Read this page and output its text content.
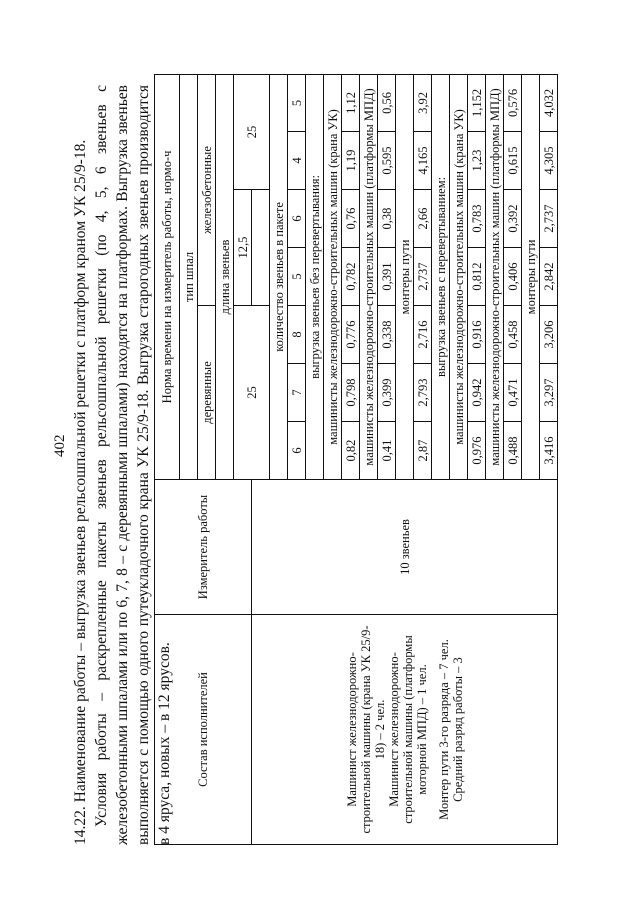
402 14.22. Наименование работы – выгрузка звеньев рельсошпальной решетки с платформ краном УК 25/9-18. Условия работы – раскрепленные пакеты звеньев рельсошпальной решетки (по 4, 5, 6 звеньев с железобетонными шпалами или по 6, 7, 8 – с деревянными шпалами) находятся на платформах. Выгрузка звеньев выполняется с помощью одного путеукладочного крана УК 25/9-18. Выгрузка старогодных звеньев производится в 4 яруса, новых – в 12 ярусов. Состав исполнителей	Измеритель работы	Норма времени на измеритель работы, нормо-ч						
		тип шпал						
		деревянные			железобетонные			
		длина звеньев						
		25			12,5		25	

Машинист железнодорожно-строительной машины (крана УК 25/9-18) – 2 чел. Машинист железнодорожно-строительной машины (платформы моторной МПД) – 1 чел. Монтер пути 3-го разряда – 7 чел. Средний разряд работы – 3	10 звеньев							
		количество звеньев в пакете						
		6	7	8	5	6	4	5
		выгрузка звеньев без перевертывания:						
		машинисты железнодорожно-строительных машин (крана УК)						
		0,82	0,798	0,776	0,782	0,76	1,19	1,12
		машинисты железнодорожно-строительных машин (платформы МПД)						
		0,41	0,399	0,338	0,391	0,38	0,595	0,56
		монтеры пути						
		2,87	2,793	2,716	2,737	2,66	4,165	3,92
		выгрузка звеньев с перевертыванием:						
		машинисты железнодорожно-строительных машин (крана УК)						
		0,976	0,942	0,916	0,812	0,783	1,23	1,152
		машинисты железнодорожно-строительных машин (платформы МПД)						
		0,488	0,471	0,458	0,406	0,392	0,615	0,576
		монтеры пути						
		3,416	3,297	3,206	2,842	2,737	4,305	4,032
